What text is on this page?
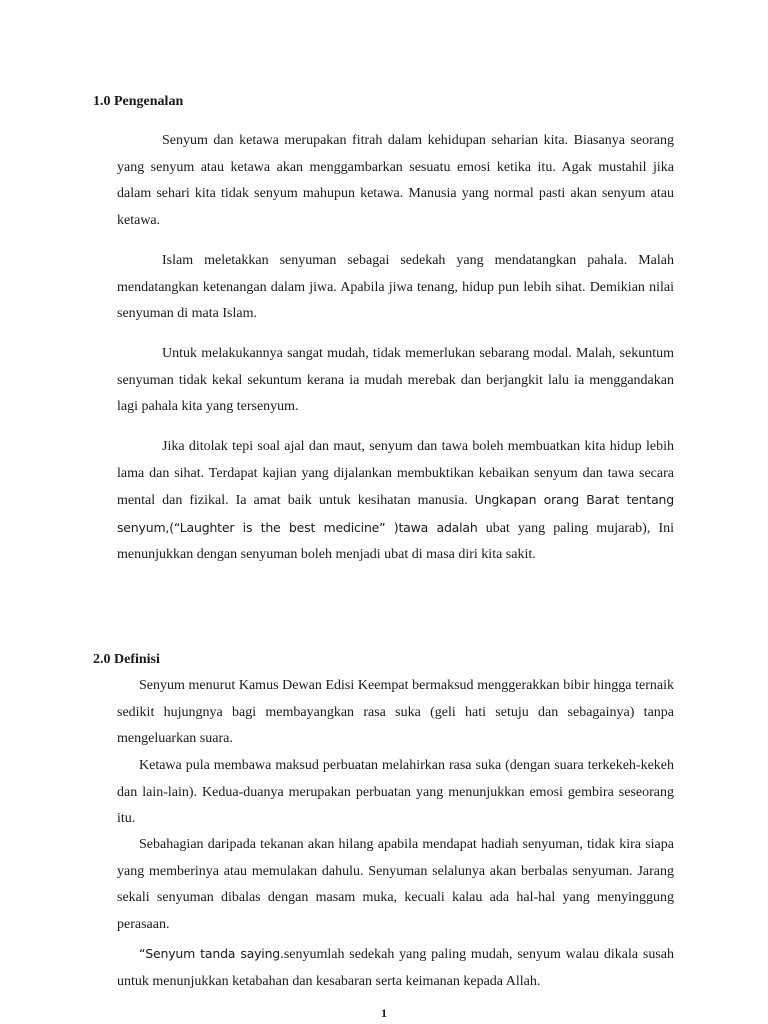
1.0 Pengenalan

Senyum dan ketawa merupakan fitrah dalam kehidupan seharian kita. Biasanya seorang yang senyum atau ketawa akan menggambarkan sesuatu emosi ketika itu. Agak mustahil jika dalam sehari kita tidak senyum mahupun ketawa. Manusia yang normal pasti akan senyum atau ketawa.

Islam meletakkan senyuman sebagai sedekah yang mendatangkan pahala. Malah mendatangkan ketenangan dalam jiwa. Apabila jiwa tenang, hidup pun lebih sihat. Demikian nilai senyuman di mata Islam.

Untuk melakukannya sangat mudah, tidak memerlukan sebarang modal. Malah, sekuntum senyuman tidak kekal sekuntum kerana ia mudah merebak dan berjangkit lalu ia menggandakan lagi pahala kita yang tersenyum.

Jika ditolak tepi soal ajal dan maut, senyum dan tawa boleh membuatkan kita hidup lebih lama dan sihat. Terdapat kajian yang dijalankan membuktikan kebaikan senyum dan tawa secara mental dan fizikal. Ia amat baik untuk kesihatan manusia. Ungkapan orang Barat tentang senyum,(“Laughter is the best medicine” )tawa adalah ubat yang paling mujarab), Ini menunjukkan dengan senyuman boleh menjadi ubat di masa diri kita sakit.

2.0 Definisi

Senyum menurut Kamus Dewan Edisi Keempat bermaksud menggerakkan bibir hingga ternaik sedikit hujungnya bagi membayangkan rasa suka (geli hati setuju dan sebagainya) tanpa mengeluarkan suara.

Ketawa pula membawa maksud perbuatan melahirkan rasa suka (dengan suara terkekeh-kekeh dan lain-lain). Kedua-duanya merupakan perbuatan yang menunjukkan emosi gembira seseorang itu.

Sebahagian daripada tekanan akan hilang apabila mendapat hadiah senyuman, tidak kira siapa yang memberinya atau memulakan dahulu. Senyuman selalunya akan berbalas senyuman. Jarang sekali senyuman dibalas dengan masam muka, kecuali kalau ada hal-hal yang menyinggung perasaan.

“Senyum tanda saying.senyumlah sedekah yang paling mudah, senyum walau dikala susah untuk menunjukkan ketabahan dan kesabaran serta keimanan kepada Allah.

1
